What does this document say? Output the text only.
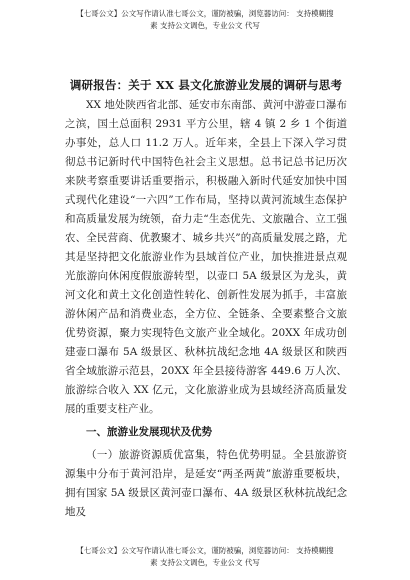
【七哥公文】公文写作请认准七哥公文，谨防被骗，浏览器访问： 支持模糊搜
素 支持公文调色，专业公文 代写
调研报告：关于 XX 县文化旅游业发展的调研与思考

XX 地处陕西省北部、延安市东南部、黄河中游壶口瀑布之滨，国土总面积 2931 平方公里，辖 4 镇 2 乡 1 个街道办事处，总人口 11.2 万人。近年来，全县上下深入学习贯彻总书记新时代中国特色社会主义思想。总书记总书记历次来陕考察重要讲话重要指示，积极融入新时代延安加快中国式现代化建设“一六四”工作布局，坚持以黄河流域生态保护和高质量发展为统领，奋力走“生态优先、文旅融合、立工强农、全民营商、优教聚才、城乡共兴”的高质量发展之路，尤其是坚持把文化旅游业作为县域首位产业，加快推进景点观光旅游向休闲度假旅游转型，以壶口 5A 级景区为龙头，黄河文化和黄土文化创造性转化、创新性发展为抓手，丰富旅游休闲产品和消费业态，全方位、全链条、全要素整合文旅优势资源，聚力实现特色文旅产业全域化。20XX 年成功创建壶口瀑布 5A 级景区、秋林抗战纪念地 4A 级景区和陕西省全域旅游示范县，20XX 年全县接待游客 449.6 万人次、旅游综合收入 XX 亿元，文化旅游业成为县域经济高质量发展的重要支柱产业。

一、旅游业发展现状及优势

（一）旅游资源质优富集，特色优势明显。全县旅游资源集中分布于黄河沿岸，是延安“两圣两黄”旅游重要板块，拥有国家 5A 级景区黄河壶口瀑布、4A 级景区秋林抗战纪念地及

【七哥公文】公文写作请认准七哥公文，谨防被骗，浏览器访问： 支持模糊搜
素 支持公文调色，专业公文 代写
